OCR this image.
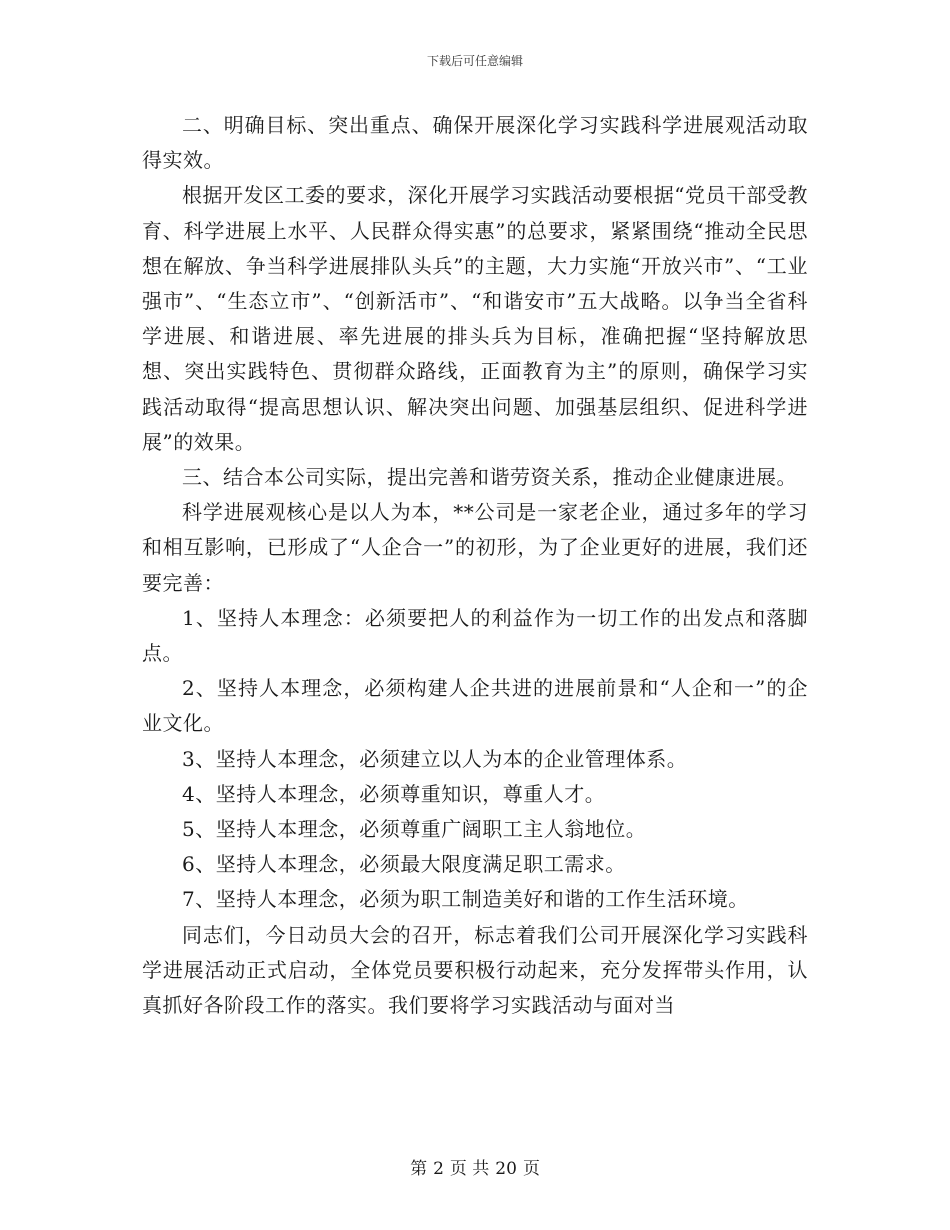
下载后可任意编辑

二、明确目标、突出重点、确保开展深化学习实践科学进展观活动取得实效。

根据开发区工委的要求，深化开展学习实践活动要根据“党员干部受教育、科学进展上水平、人民群众得实惠”的总要求，紧紧围绕“推动全民思想在解放、争当科学进展排队头兵”的主题，大力实施“开放兴市”、“工业强市”、“生态立市”、“创新活市”、“和谐安市”五大战略。以争当全省科学进展、和谐进展、率先进展的排头兵为目标，准确把握“坚持解放思想、突出实践特色、贯彻群众路线，正面教育为主”的原则，确保学习实践活动取得“提高思想认识、解决突出问题、加强基层组织、促进科学进展”的效果。

三、结合本公司实际，提出完善和谐劳资关系，推动企业健康进展。

科学进展观核心是以人为本，**公司是一家老企业，通过多年的学习和相互影响，已形成了“人企合一”的初形，为了企业更好的进展，我们还要完善：

1、坚持人本理念：必须要把人的利益作为一切工作的出发点和落脚点。

2、坚持人本理念，必须构建人企共进的进展前景和“人企和一”的企业文化。

3、坚持人本理念，必须建立以人为本的企业管理体系。

4、坚持人本理念，必须尊重知识，尊重人才。

5、坚持人本理念，必须尊重广阔职工主人翁地位。

6、坚持人本理念，必须最大限度满足职工需求。

7、坚持人本理念，必须为职工制造美好和谐的工作生活环境。

同志们，今日动员大会的召开，标志着我们公司开展深化学习实践科学进展活动正式启动，全体党员要积极行动起来，充分发挥带头作用，认真抓好各阶段工作的落实。我们要将学习实践活动与面对当

第 2 页 共 20 页
